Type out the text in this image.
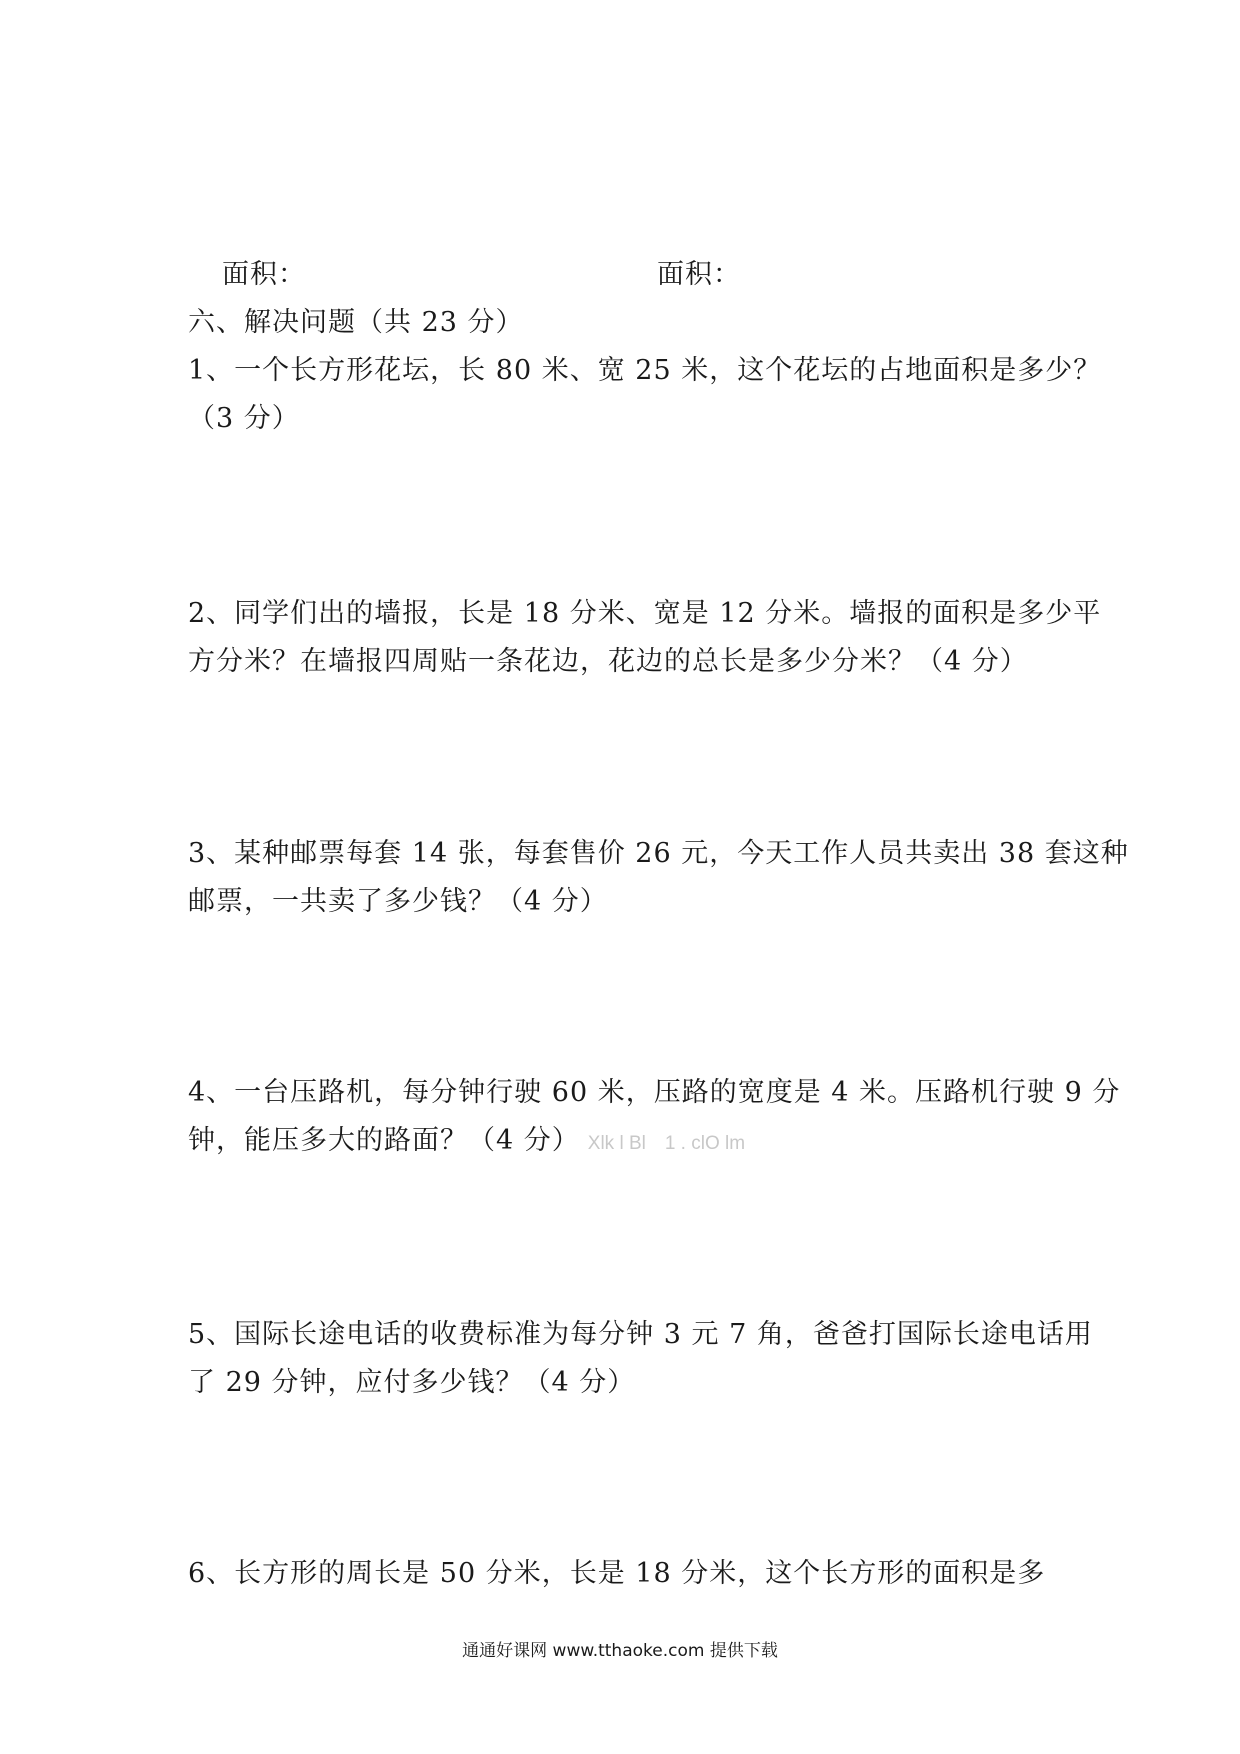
面积：	面积：
六、解决问题（共 23 分）
1、一个长方形花坛，长 80 米、宽 25 米，这个花坛的占地面积是多少？
（3 分）
2、同学们出的墙报，长是 18 分米、宽是 12 分米。墙报的面积是多少平
方分米？在墙报四周贴一条花边，花边的总长是多少分米？（4 分）
3、某种邮票每套 14 张，每套售价 26 元，今天工作人员共卖出 38 套这种
邮票，一共卖了多少钱？（4 分）
4、一台压路机，每分钟行驶 60 米，压路的宽度是 4 米。压路机行驶 9 分
钟，能压多大的路面？（4 分） Xlk l Bl　1 . clO lm
5、国际长途电话的收费标准为每分钟 3 元 7 角，爸爸打国际长途电话用
了 29 分钟，应付多少钱？（4 分）
6、长方形的周长是 50 分米，长是 18 分米，这个长方形的面积是多
通通好课网 www.tthaoke.com 提供下载
